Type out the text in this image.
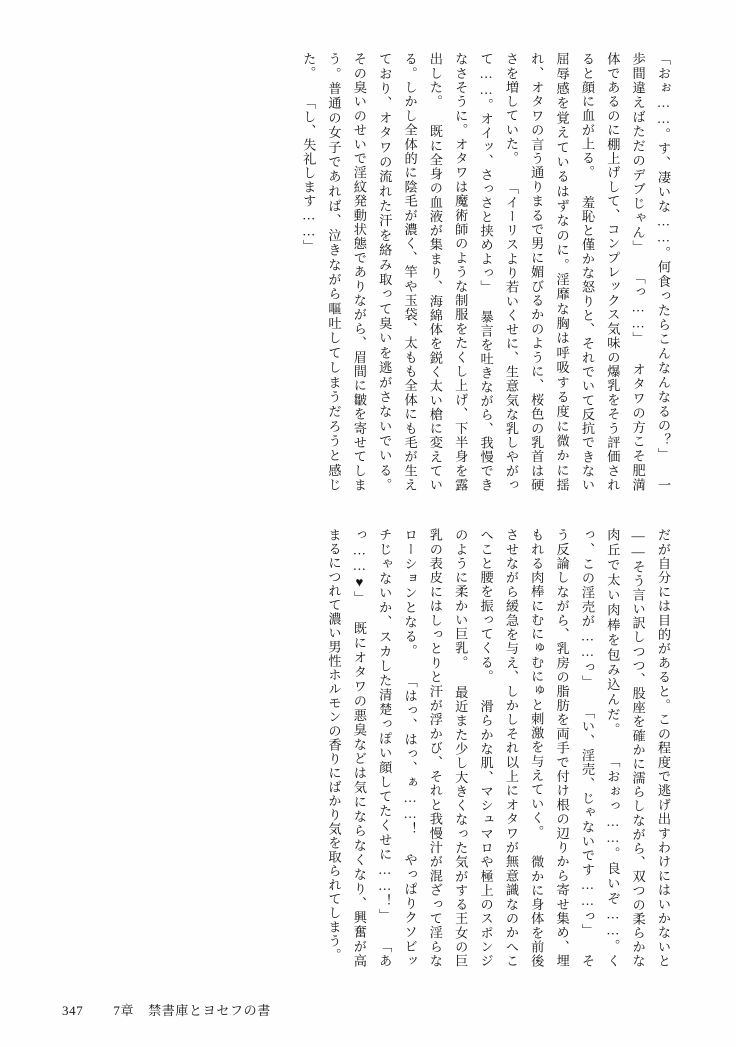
「おぉ……。す、凄いな……。何食ったらこんなんなるの？」 一歩間違えばただのデブじゃん」 「っ……」 オタワの方こそ肥満体であるのに棚上げして、コンプレックス気味の爆乳をそう評価されると顔に血が上る。 羞恥と僅かな怒りと、それでいて反抗できない屈辱感を覚えているはずなのに。淫靡な胸は呼吸する度に微かに揺れ、オタワの言う通りまるで男に媚びるかのように、桜色の乳首は硬さを増していた。 「イーリスより若いくせに、生意気な乳しやがって……。オイッ、さっさと挟めよっ」 暴言を吐きながら、我慢できなさそうに。オタワは魔術師のような制服をたくし上げ、下半身を露出した。 既に全身の血液が集まり、海綿体を鋭く太い槍に変えている。しかし全体的に陰毛が濃く、竿や玉袋、太もも全体にも毛が生えており、オタワの流れた汗を絡み取って臭いを逃がさないでいる。 その臭いのせいで淫紋発動状態でありながら、眉間に皺を寄せてしまう。普通の女子であれば、泣きながら嘔吐してしまうだろうと感じた。 「し、失礼します……」

だが自分には目的があると。この程度で逃げ出すわけにはいかないと――そう言い訳しつつ、股座を確かに濡らしながら、双つの柔らかな肉丘で太い肉棒を包み込んだ。 「おぉっ……。良いぞ……。くっ、この淫売が……っ」 「い、淫売、じゃないです……っ」 そう反論しながら、乳房の脂肪を両手で付け根の辺りから寄せ集め、埋もれる肉棒にむにゅむにゅと刺激を与えていく。 微かに身体を前後させながら緩急を与え、しかしそれ以上にオタワが無意識なのかへこへこと腰を振ってくる。 滑らかな肌、マシュマロや極上のスポンジのように柔かい巨乳。 最近また少し大きくなった気がする王女の巨乳の表皮にはしっとりと汗が浮かび、それと我慢汁が混ざって淫らなローションとなる。 「はっ、はっ、ぁ……！ やっぱりクソビッチじゃないか、スカした清楚っぽい顔してたくせに……！」 「あっ……♥」 既にオタワの悪臭などは気にならなくなり、興奮が高まるにつれて濃い男性ホルモンの香りにばかり気を取られてしまう。

347 7章 禁書庫とヨセフの書
